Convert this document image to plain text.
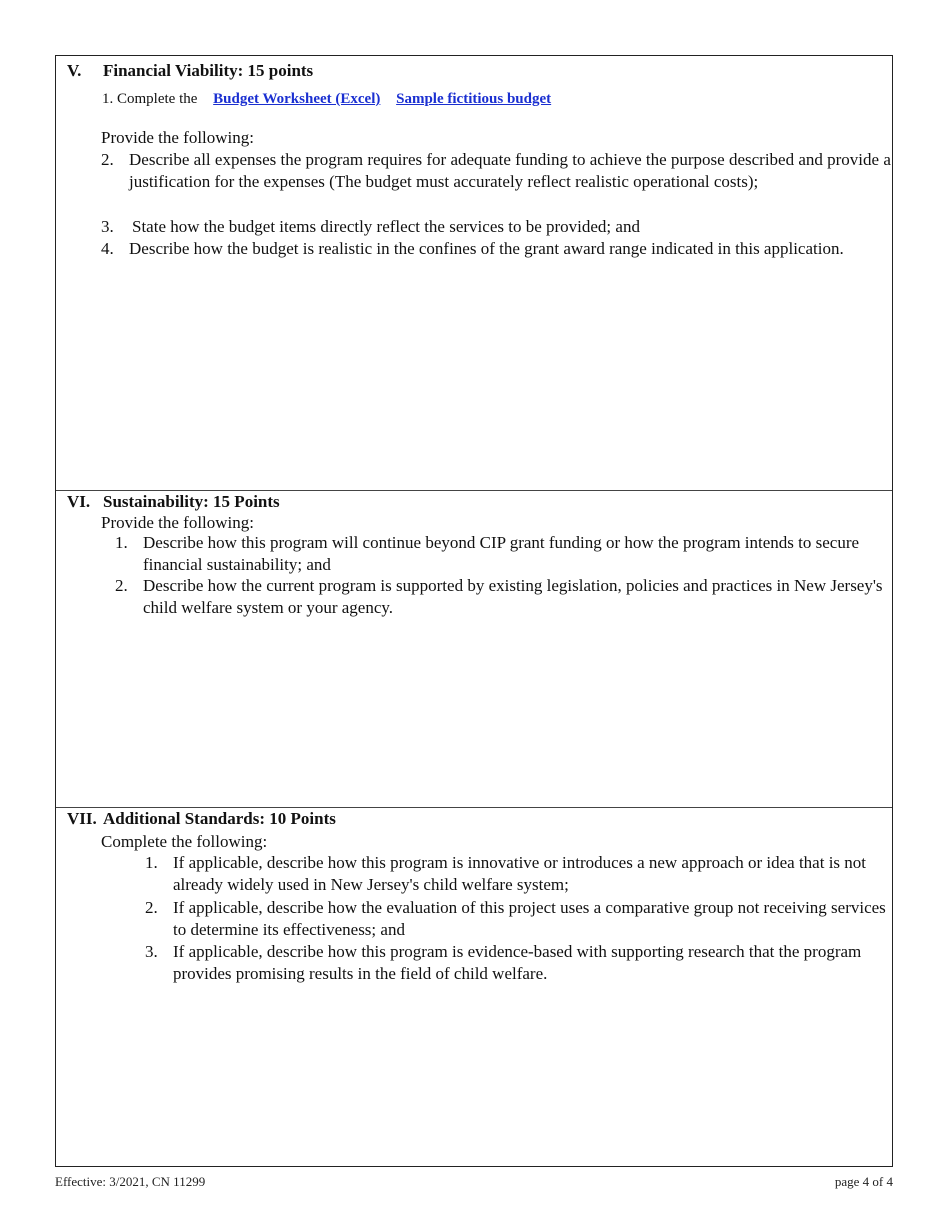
V. Financial Viability: 15 points
1. Complete the Budget Worksheet (Excel) Sample fictitious budget
Provide the following:
2. Describe all expenses the program requires for adequate funding to achieve the purpose described and provide a justification for the expenses (The budget must accurately reflect realistic operational costs);
3. State how the budget items directly reflect the services to be provided; and
4. Describe how the budget is realistic in the confines of the grant award range indicated in this application.
VI. Sustainability: 15 Points
Provide the following:
1. Describe how this program will continue beyond CIP grant funding or how the program intends to secure financial sustainability; and
2. Describe how the current program is supported by existing legislation, policies and practices in New Jersey's child welfare system or your agency.
VII. Additional Standards: 10 Points
Complete the following:
1. If applicable, describe how this program is innovative or introduces a new approach or idea that is not already widely used in New Jersey's child welfare system;
2. If applicable, describe how the evaluation of this project uses a comparative group not receiving services to determine its effectiveness; and
3. If applicable, describe how this program is evidence-based with supporting research that the program provides promising results in the field of child welfare.
Effective: 3/2021, CN 11299	page 4 of 4
